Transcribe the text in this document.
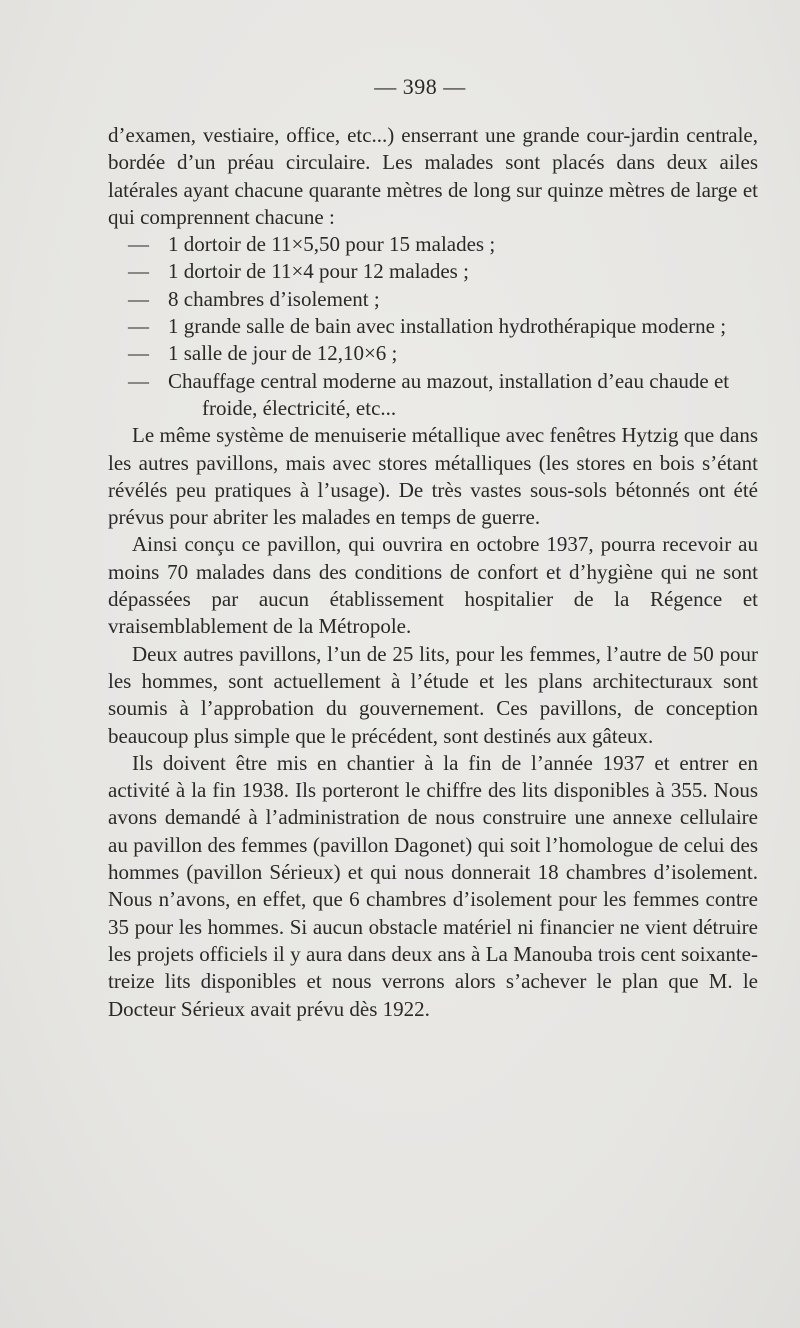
— 398 —

d’examen, vestiaire, office, etc...) enserrant une grande cour-jardin centrale, bordée d’un préau circulaire. Les malades sont placés dans deux ailes latérales ayant chacune quarante mètres de long sur quinze mètres de large et qui comprennent chacune :

— 1 dortoir de 11×5,50 pour 15 malades ;
— 1 dortoir de 11×4 pour 12 malades ;
— 8 chambres d’isolement ;
— 1 grande salle de bain avec installation hydrothérapique moderne ;
— 1 salle de jour de 12,10×6 ;
— Chauffage central moderne au mazout, installation d’eau chaude et froide, électricité, etc...

Le même système de menuiserie métallique avec fenêtres Hytzig que dans les autres pavillons, mais avec stores métalliques (les stores en bois s’étant révélés peu pratiques à l’usage). De très vastes sous-sols bétonnés ont été prévus pour abriter les malades en temps de guerre.

Ainsi conçu ce pavillon, qui ouvrira en octobre 1937, pourra recevoir au moins 70 malades dans des conditions de confort et d’hygiène qui ne sont dépassées par aucun établissement hospitalier de la Régence et vraisemblablement de la Métropole.

Deux autres pavillons, l’un de 25 lits, pour les femmes, l’autre de 50 pour les hommes, sont actuellement à l’étude et les plans architecturaux sont soumis à l’approbation du gouvernement. Ces pavillons, de conception beaucoup plus simple que le précédent, sont destinés aux gâteux.

Ils doivent être mis en chantier à la fin de l’année 1937 et entrer en activité à la fin 1938. Ils porteront le chiffre des lits disponibles à 355. Nous avons demandé à l’administration de nous construire une annexe cellulaire au pavillon des femmes (pavillon Dagonet) qui soit l’homologue de celui des hommes (pavillon Sérieux) et qui nous donnerait 18 chambres d’isolement. Nous n’avons, en effet, que 6 chambres d’isolement pour les femmes contre 35 pour les hommes. Si aucun obstacle matériel ni financier ne vient détruire les projets officiels il y aura dans deux ans à La Manouba trois cent soixante-treize lits disponibles et nous verrons alors s’achever le plan que M. le Docteur Sérieux avait prévu dès 1922.
